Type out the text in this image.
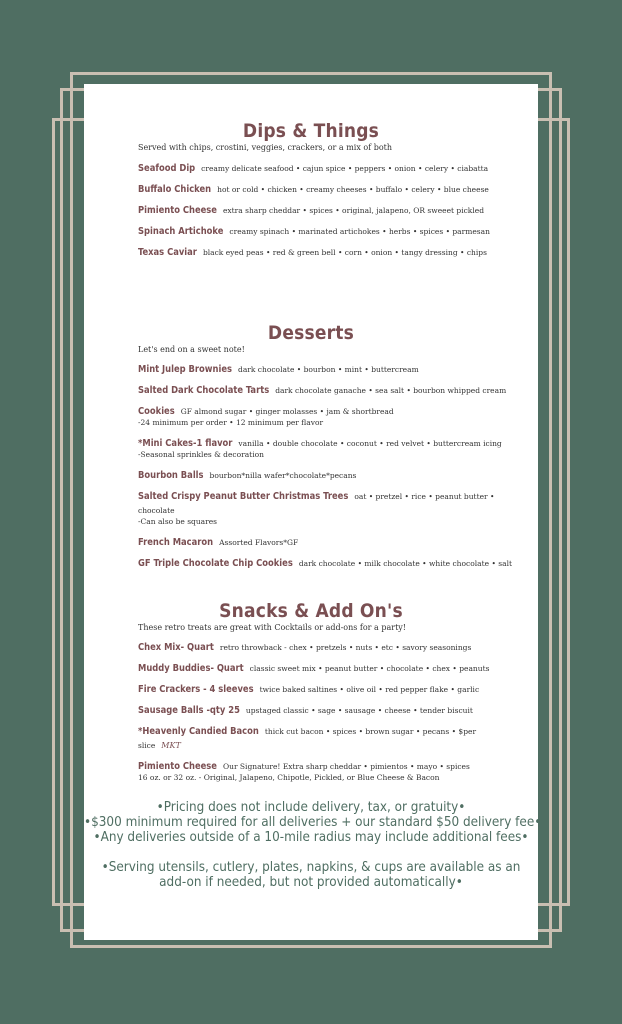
Dips & Things
Served with chips, crostini, veggies, crackers, or a mix of both
Seafood Dip creamy delicate seafood • cajun spice • peppers • onion • celery • ciabatta
Buffalo Chicken hot or cold • chicken • creamy cheeses • buffalo • celery • blue cheese
Pimiento Cheese extra sharp cheddar • spices • original, jalapeno, OR sweeet pickled
Spinach Artichoke creamy spinach • marinated artichokes • herbs • spices • parmesan
Texas Caviar black eyed peas • red & green bell • corn • onion • tangy dressing • chips
Desserts
Let's end on a sweet note!
Mint Julep Brownies dark chocolate • bourbon • mint • buttercream
Salted Dark Chocolate Tarts dark chocolate ganache • sea salt • bourbon whipped cream
Cookies GF almond sugar • ginger molasses • jam & shortbread
-24 minimum per order • 12 minimum per flavor
*Mini Cakes-1 flavor vanilla • double chocolate • coconut • red velvet • buttercream icing
-Seasonal sprinkles & decoration
Bourbon Balls bourbon*nilla wafer*chocolate*pecans
Salted Crispy Peanut Butter Christmas Trees oat • pretzel • rice • peanut butter • chocolate
-Can also be squares
French Macaron Assorted Flavors*GF
GF Triple Chocolate Chip Cookies dark chocolate • milk chocolate • white chocolate • salt
Snacks & Add On's
These retro treats are great with Cocktails or add-ons for a party!
Chex Mix- Quart retro throwback - chex • pretzels • nuts • etc • savory seasonings
Muddy Buddies- Quart classic sweet mix • peanut butter • chocolate • chex • peanuts
Fire Crackers - 4 sleeves twice baked saltines • olive oil • red pepper flake • garlic
Sausage Balls -qty 25 upstaged classic • sage • sausage • cheese • tender biscuit
*Heavenly Candied Bacon thick cut bacon • spices • brown sugar • pecans • $per slice MKT
Pimiento Cheese Our Signature! Extra sharp cheddar • pimientos • mayo • spices
16 oz. or 32 oz. - Original, Jalapeno, Chipotle, Pickled, or Blue Cheese & Bacon
•Pricing does not include delivery, tax, or gratuity•
•$300 minimum required for all deliveries + our standard $50 delivery fee•
•Any deliveries outside of a 10-mile radius may include additional fees•
•Serving utensils, cutlery, plates, napkins, & cups are available as an add-on if needed, but not provided automatically•
